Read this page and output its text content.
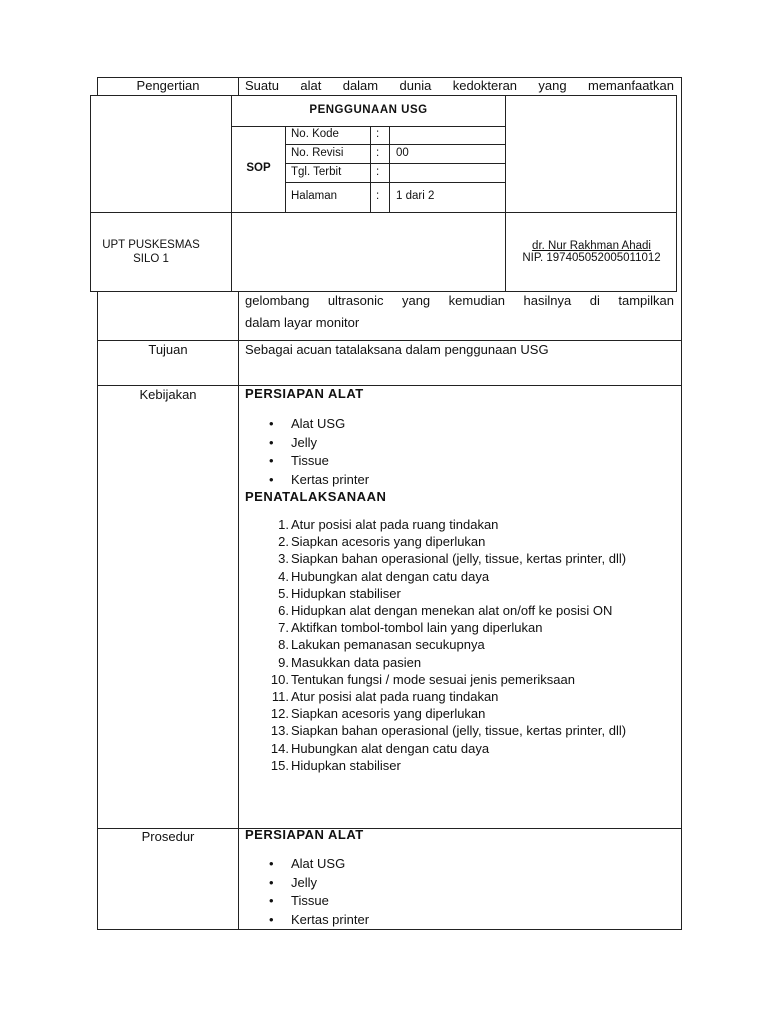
Pengertian	Suatu alat dalam dunia kedokteran yang memanfaatkan
gelombang ultrasonic yang kemudian hasilnya di tampilkan
dalam layar monitor
PENGGUNAAN USG
SOP
No. Kode	:
No. Revisi	: 00
Tgl. Terbit	:
Halaman	: 1 dari 2
UPT PUSKESMAS
SILO 1
dr. Nur Rakhman Ahadi
NIP. 197405052005011012
Tujuan	Sebagai acuan tatalaksana dalam penggunaan USG
Kebijakan	PERSIAPAN ALAT
• Alat USG
• Jelly
• Tissue
• Kertas printer
PENATALAKSANAAN
1. Atur posisi alat pada ruang tindakan
2. Siapkan acesoris yang diperlukan
3. Siapkan bahan operasional (jelly, tissue, kertas printer, dll)
4. Hubungkan alat dengan catu daya
5. Hidupkan stabiliser
6. Hidupkan alat dengan menekan alat on/off ke posisi ON
7. Aktifkan tombol-tombol lain yang diperlukan
8. Lakukan pemanasan secukupnya
9. Masukkan data pasien
10. Tentukan fungsi / mode sesuai jenis pemeriksaan
11. Atur posisi alat pada ruang tindakan
12. Siapkan acesoris yang diperlukan
13. Siapkan bahan operasional (jelly, tissue, kertas printer, dll)
14. Hubungkan alat dengan catu daya
15. Hidupkan stabiliser
Prosedur	PERSIAPAN ALAT
• Alat USG
• Jelly
• Tissue
• Kertas printer
